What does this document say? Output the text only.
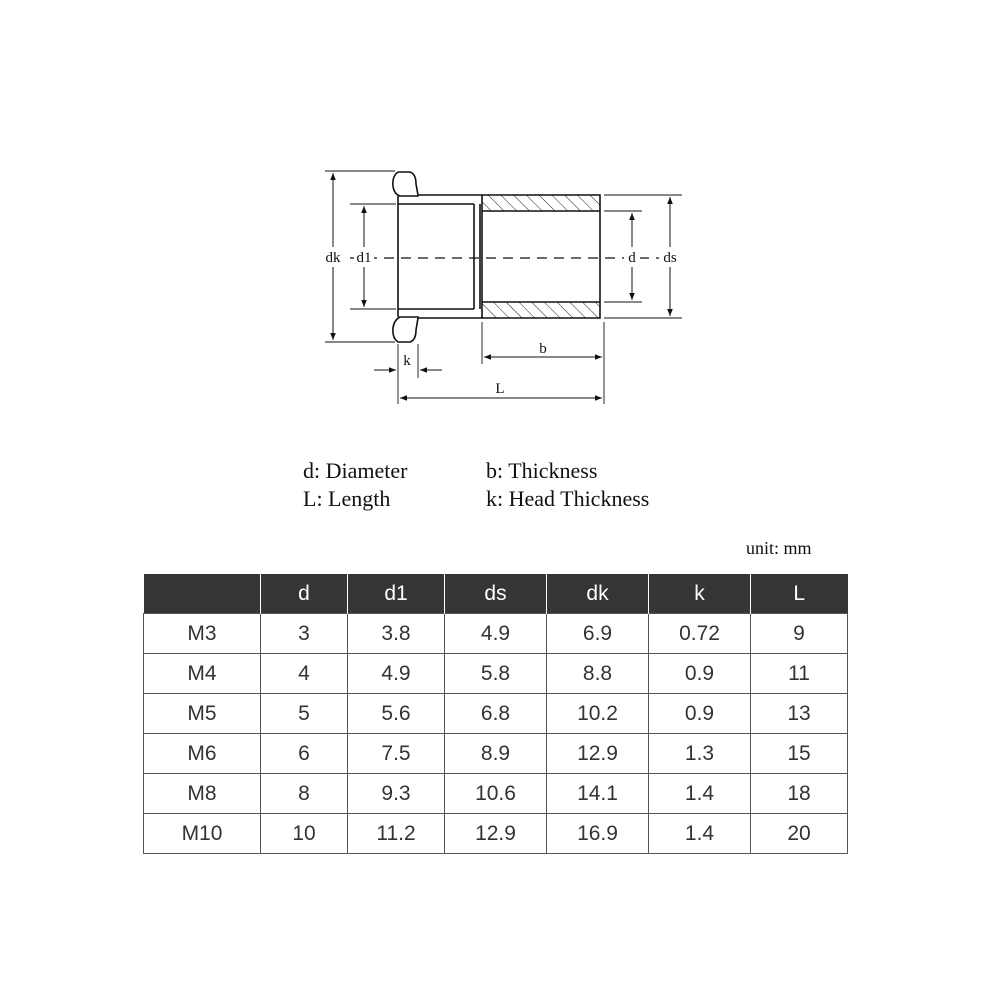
dk d1	d ds
b
L
k
d: Diameter
L: Length
b: Thickness
k: Head Thickness
unit: mm
	d	d1	ds	dk	k	L
M3	3	3.8	4.9	6.9	0.72	9
M4	4	4.9	5.8	8.8	0.9	11
M5	5	5.6	6.8	10.2	0.9	13
M6	6	7.5	8.9	12.9	1.3	15
M8	8	9.3	10.6	14.1	1.4	18
M10	10	11.2	12.9	16.9	1.4	20
